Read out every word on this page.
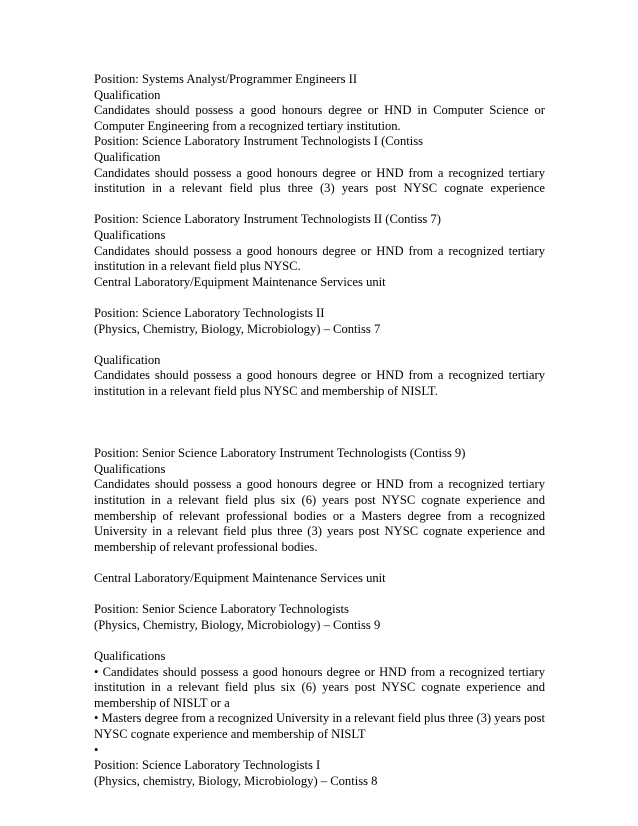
Position: Systems Analyst/Programmer Engineers II
Qualification
Candidates should possess a good honours degree or HND in Computer Science or
Computer Engineering from a recognized tertiary institution.
Position: Science Laboratory Instrument Technologists I (Contiss
Qualification
Candidates should possess a good honours degree or HND from a recognized tertiary
institution in a relevant field plus three (3) years post NYSC cognate experience
Position: Science Laboratory Instrument Technologists II (Contiss 7)
Qualifications
Candidates should possess a good honours degree or HND from a recognized tertiary
institution in a relevant field plus NYSC.
Central Laboratory/Equipment Maintenance Services unit
Position: Science Laboratory Technologists II
(Physics, Chemistry, Biology, Microbiology) – Contiss 7
Qualification
Candidates should possess a good honours degree or HND from a recognized tertiary
institution in a relevant field plus NYSC and membership of NISLT.
Position: Senior Science Laboratory Instrument Technologists (Contiss 9)
Qualifications
Candidates should possess a good honours degree or HND from a recognized tertiary
institution in a relevant field plus six (6) years post NYSC cognate experience and
membership of relevant professional bodies or a Masters degree from a recognized
University in a relevant field plus three (3) years post NYSC cognate experience and
membership of relevant professional bodies.
Central Laboratory/Equipment Maintenance Services unit
Position: Senior Science Laboratory Technologists
(Physics, Chemistry, Biology, Microbiology) – Contiss 9
Qualifications
• Candidates should possess a good honours degree or HND from a recognized tertiary
institution in a relevant field plus six (6) years post NYSC cognate experience and
membership of NISLT or a
• Masters degree from a recognized University in a relevant field plus three (3) years post
NYSC cognate experience and membership of NISLT
•
Position: Science Laboratory Technologists I
(Physics, chemistry, Biology, Microbiology) – Contiss 8
